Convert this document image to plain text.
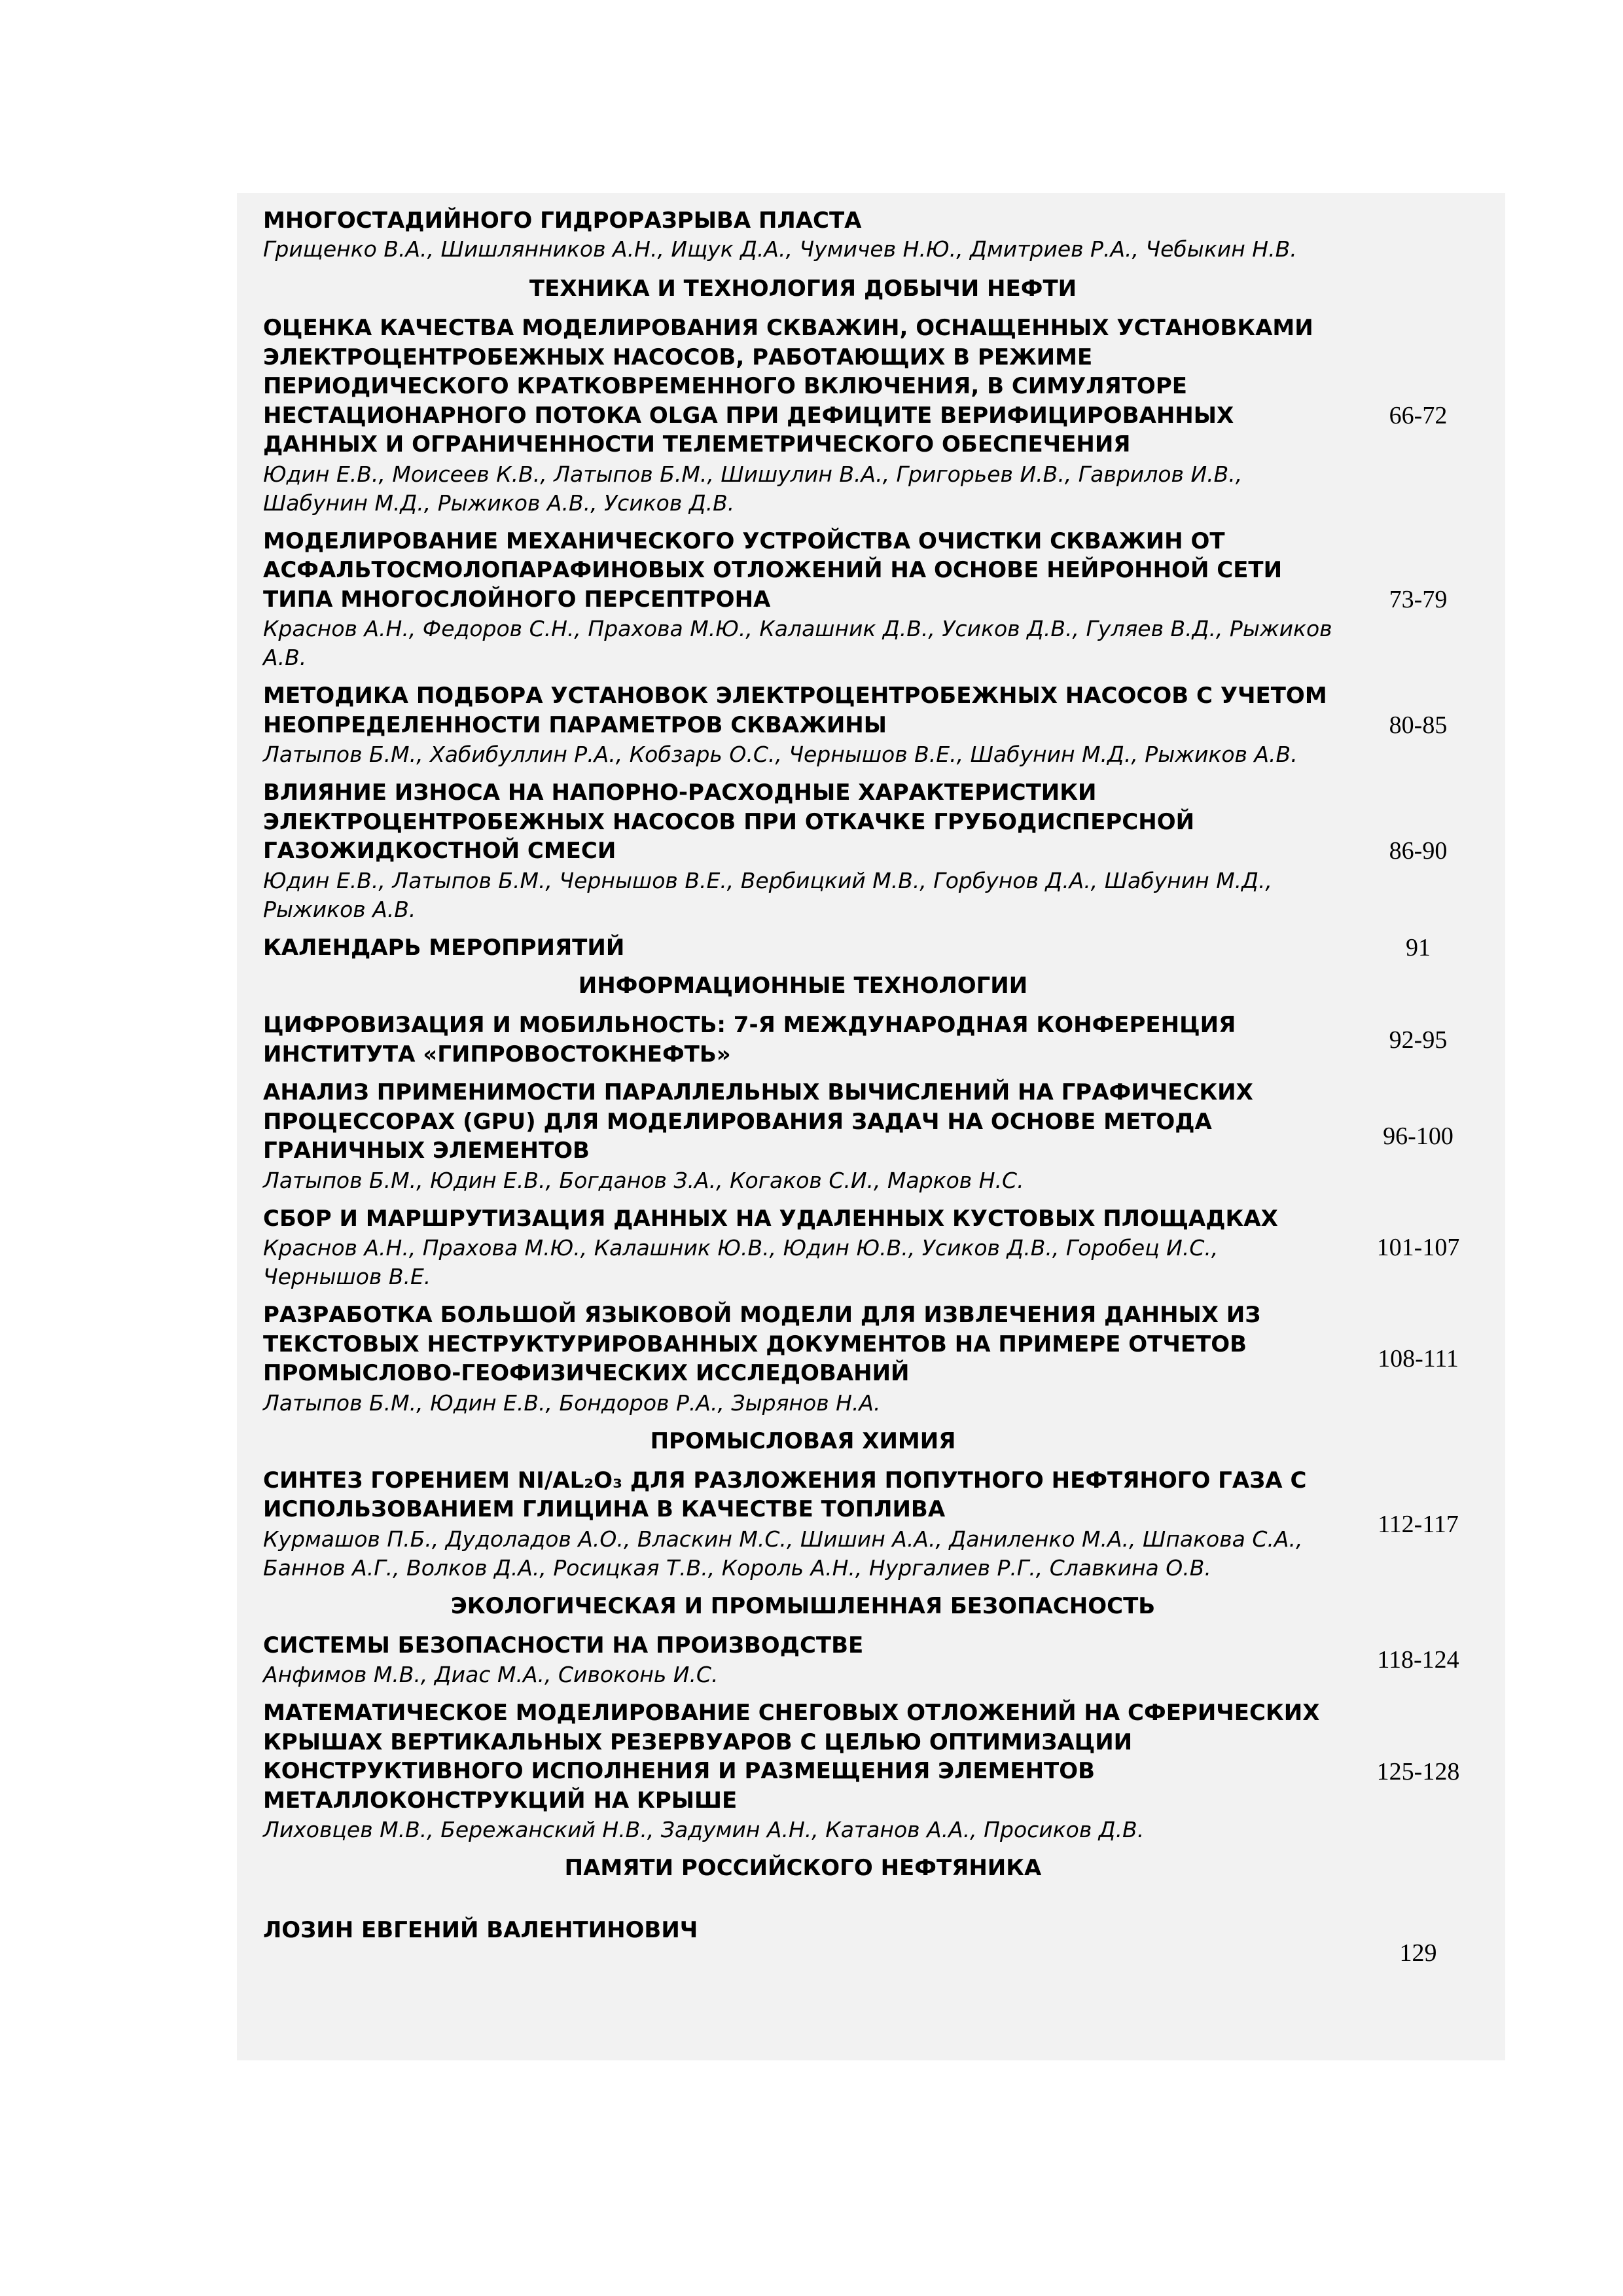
МНОГОСТАДИЙНОГО ГИДРОРАЗРЫВА ПЛАСТА
Грищенко В.А., Шишлянников А.Н., Ищук Д.А., Чумичев Н.Ю., Дмитриев Р.А., Чебыкин Н.В.
ТЕХНИКА И ТЕХНОЛОГИЯ ДОБЫЧИ НЕФТИ
ОЦЕНКА КАЧЕСТВА МОДЕЛИРОВАНИЯ СКВАЖИН, ОСНАЩЕННЫХ УСТАНОВКАМИ ЭЛЕКТРОЦЕНТРОБЕЖНЫХ НАСОСОВ, РАБОТАЮЩИХ В РЕЖИМЕ ПЕРИОДИЧЕСКОГО КРАТКОВРЕМЕННОГО ВКЛЮЧЕНИЯ, В СИМУЛЯТОРЕ НЕСТАЦИОНАРНОГО ПОТОКА OLGA ПРИ ДЕФИЦИТЕ ВЕРИФИЦИРОВАННЫХ ДАННЫХ И ОГРАНИЧЕННОСТИ ТЕЛЕМЕТРИЧЕСКОГО ОБЕСПЕЧЕНИЯ
Юдин Е.В., Моисеев К.В., Латыпов Б.М., Шишулин В.А., Григорьев И.В., Гаврилов И.В., Шабунин М.Д., Рыжиков А.В., Усиков Д.В.
66-72
МОДЕЛИРОВАНИЕ МЕХАНИЧЕСКОГО УСТРОЙСТВА ОЧИСТКИ СКВАЖИН ОТ АСФАЛЬТОСМОЛОПАРАФИНОВЫХ ОТЛОЖЕНИЙ НА ОСНОВЕ НЕЙРОННОЙ СЕТИ ТИПА МНОГОСЛОЙНОГО ПЕРСЕПТРОНА
Краснов А.Н., Федоров С.Н., Прахова М.Ю., Калашник Д.В., Усиков Д.В., Гуляев В.Д., Рыжиков А.В.
73-79
МЕТОДИКА ПОДБОРА УСТАНОВОК ЭЛЕКТРОЦЕНТРОБЕЖНЫХ НАСОСОВ С УЧЕТОМ НЕОПРЕДЕЛЕННОСТИ ПАРАМЕТРОВ СКВАЖИНЫ
Латыпов Б.М., Хабибуллин Р.А., Кобзарь О.С., Чернышов В.Е., Шабунин М.Д., Рыжиков А.В.
80-85
ВЛИЯНИЕ ИЗНОСА НА НАПОРНО-РАСХОДНЫЕ ХАРАКТЕРИСТИКИ ЭЛЕКТРОЦЕНТРОБЕЖНЫХ НАСОСОВ ПРИ ОТКАЧКЕ ГРУБОДИСПЕРСНОЙ ГАЗОЖИДКОСТНОЙ СМЕСИ
Юдин Е.В., Латыпов Б.М., Чернышов В.Е., Вербицкий М.В., Горбунов Д.А., Шабунин М.Д., Рыжиков А.В.
86-90
КАЛЕНДАРЬ МЕРОПРИЯТИЙ	91
ИНФОРМАЦИОННЫЕ ТЕХНОЛОГИИ
ЦИФРОВИЗАЦИЯ И МОБИЛЬНОСТЬ: 7-Я МЕЖДУНАРОДНАЯ КОНФЕРЕНЦИЯ ИНСТИТУТА «ГИПРОВОСТОКНЕФТЬ»
92-95
АНАЛИЗ ПРИМЕНИМОСТИ ПАРАЛЛЕЛЬНЫХ ВЫЧИСЛЕНИЙ НА ГРАФИЧЕСКИХ ПРОЦЕССОРАХ (GPU) ДЛЯ МОДЕЛИРОВАНИЯ ЗАДАЧ НА ОСНОВЕ МЕТОДА ГРАНИЧНЫХ ЭЛЕМЕНТОВ
Латыпов Б.М., Юдин Е.В., Богданов З.А., Когаков С.И., Марков Н.С.
96-100
СБОР И МАРШРУТИЗАЦИЯ ДАННЫХ НА УДАЛЕННЫХ КУСТОВЫХ ПЛОЩАДКАХ
Краснов А.Н., Прахова М.Ю., Калашник Ю.В., Юдин Ю.В., Усиков Д.В., Горобец И.С., Чернышов В.Е.
101-107
РАЗРАБОТКА БОЛЬШОЙ ЯЗЫКОВОЙ МОДЕЛИ ДЛЯ ИЗВЛЕЧЕНИЯ ДАННЫХ ИЗ ТЕКСТОВЫХ НЕСТРУКТУРИРОВАННЫХ ДОКУМЕНТОВ НА ПРИМЕРЕ ОТЧЕТОВ ПРОМЫСЛОВО-ГЕОФИЗИЧЕСКИХ ИССЛЕДОВАНИЙ
Латыпов Б.М., Юдин Е.В., Бондоров Р.А., Зырянов Н.А.
108-111
ПРОМЫСЛОВАЯ ХИМИЯ
СИНТЕЗ ГОРЕНИЕМ NI/AL₂O₃ ДЛЯ РАЗЛОЖЕНИЯ ПОПУТНОГО НЕФТЯНОГО ГАЗА С ИСПОЛЬЗОВАНИЕМ ГЛИЦИНА В КАЧЕСТВЕ ТОПЛИВА
Курмашов П.Б., Дудоладов А.О., Власкин М.С., Шишин А.А., Даниленко М.А., Шпакова С.А., Баннов А.Г., Волков Д.А., Росицкая Т.В., Король А.Н., Нургалиев Р.Г., Славкина О.В.
112-117
ЭКОЛОГИЧЕСКАЯ И ПРОМЫШЛЕННАЯ БЕЗОПАСНОСТЬ
СИСТЕМЫ БЕЗОПАСНОСТИ НА ПРОИЗВОДСТВЕ
Анфимов М.В., Диас М.А., Сивоконь И.С.
118-124
МАТЕМАТИЧЕСКОЕ МОДЕЛИРОВАНИЕ СНЕГОВЫХ ОТЛОЖЕНИЙ НА СФЕРИЧЕСКИХ КРЫШАХ ВЕРТИКАЛЬНЫХ РЕЗЕРВУАРОВ С ЦЕЛЬЮ ОПТИМИЗАЦИИ КОНСТРУКТИВНОГО ИСПОЛНЕНИЯ И РАЗМЕЩЕНИЯ ЭЛЕМЕНТОВ МЕТАЛЛОКОНСТРУКЦИЙ НА КРЫШЕ
Лиховцев М.В., Бережанский Н.В., Задумин А.Н., Катанов А.А., Просиков Д.В.
125-128
ПАМЯТИ РОССИЙСКОГО НЕФТЯНИКА
ЛОЗИН ЕВГЕНИЙ ВАЛЕНТИНОВИЧ
129
